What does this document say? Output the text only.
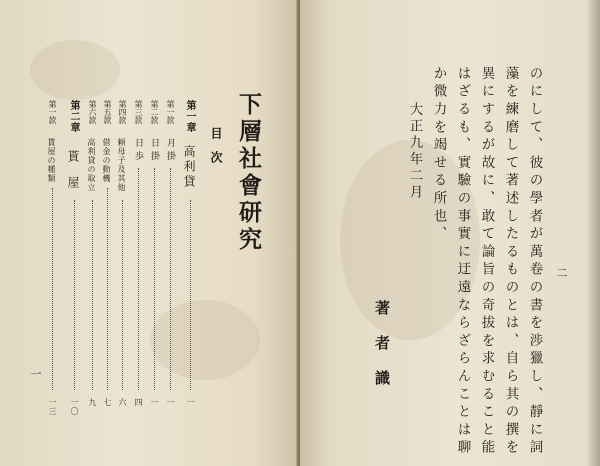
下層社會研究
目次
第一章
高利貸
一
第一款
月掛
一
第二款
日掛
一
第三款
日歩
四
第四款
頼母子及其他
六
第五款
借金の動機
七
第六款
高利貸の取立
九
第二章
貰屋
一〇
第一款
貰屋の種類
一三
一
二
のにして、彼の學者が萬卷の書を渉獵し、靜に詞
藻を練磨して著述したるものとは、自ら其の撰を
異にするが故に、敢て論旨の奇拔を求むること能
はざるも、實驗の事實に迂遠ならざらんことは聊
か微力を竭せる所也、
大正九年二月
著者識
